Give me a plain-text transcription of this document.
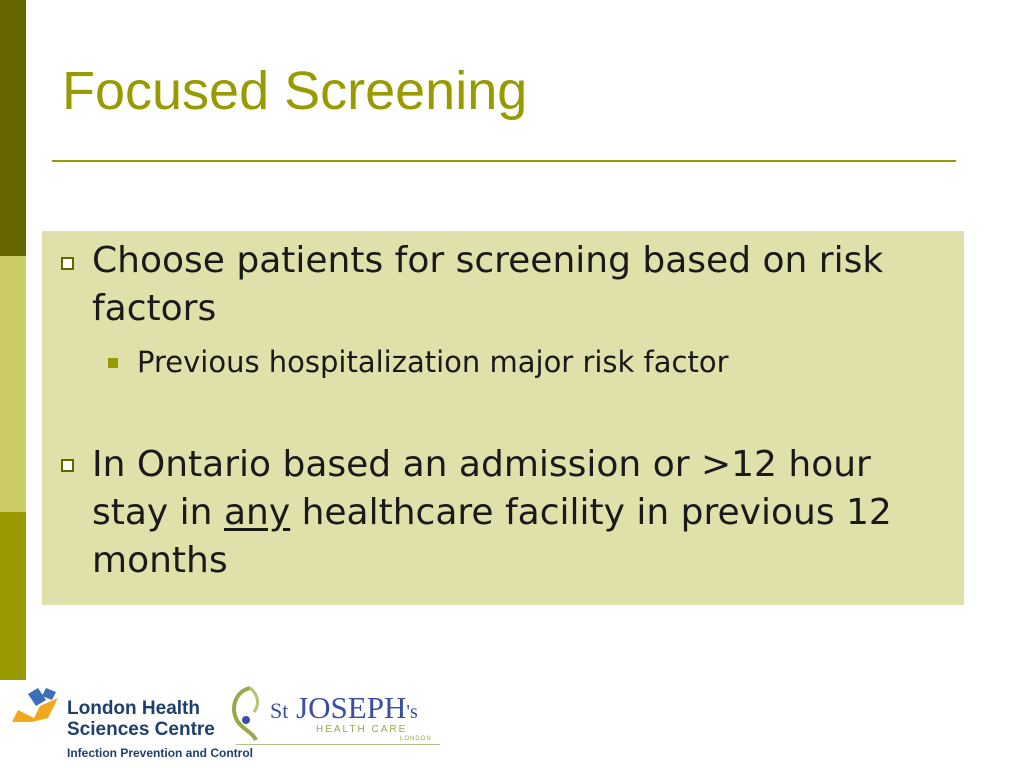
Focused Screening

Choose patients for screening based on risk factors

Previous hospitalization major risk factor

In Ontario based an admission or >12 hour stay in any healthcare facility in previous 12 months

London Health
Sciences Centre

Infection Prevention and Control

St JOSEPH's

HEALTH CARE

LONDON
